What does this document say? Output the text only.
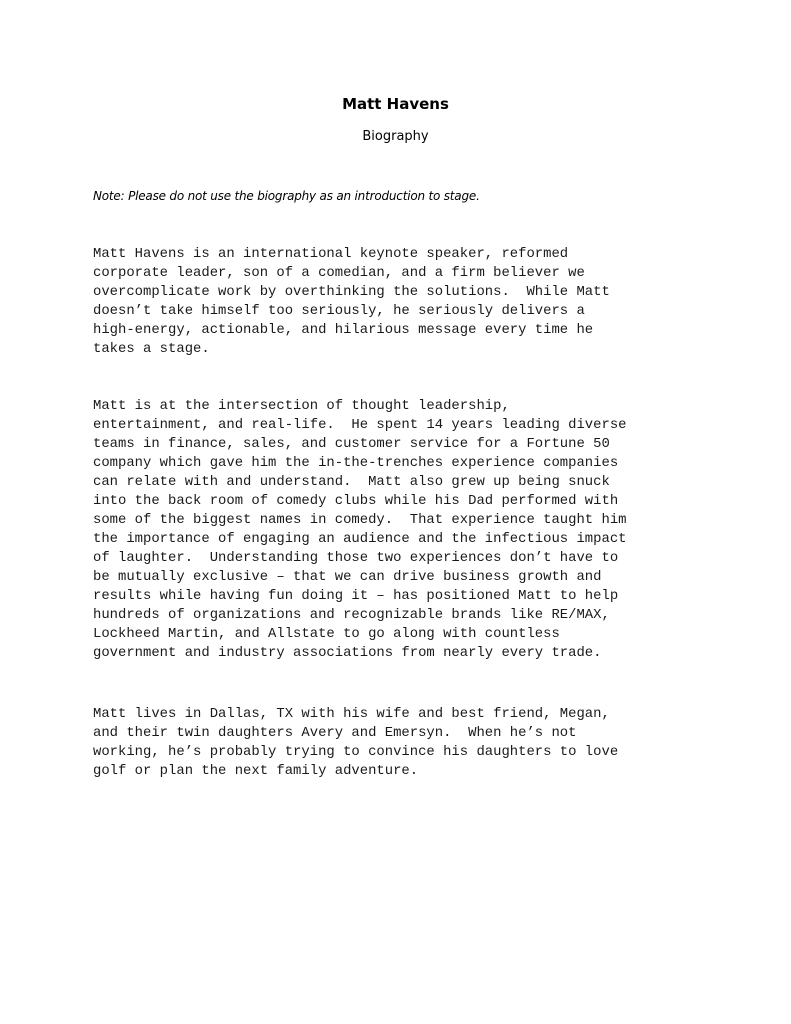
Matt Havens
Biography
Note: Please do not use the biography as an introduction to stage.

Matt Havens is an international keynote speaker, reformed
corporate leader, son of a comedian, and a firm believer we
overcomplicate work by overthinking the solutions.  While Matt
doesn’t take himself too seriously, he seriously delivers a
high-energy, actionable, and hilarious message every time he
takes a stage.

Matt is at the intersection of thought leadership,
entertainment, and real-life.  He spent 14 years leading diverse
teams in finance, sales, and customer service for a Fortune 50
company which gave him the in-the-trenches experience companies
can relate with and understand.  Matt also grew up being snuck
into the back room of comedy clubs while his Dad performed with
some of the biggest names in comedy.  That experience taught him
the importance of engaging an audience and the infectious impact
of laughter.  Understanding those two experiences don’t have to
be mutually exclusive – that we can drive business growth and
results while having fun doing it – has positioned Matt to help
hundreds of organizations and recognizable brands like RE/MAX,
Lockheed Martin, and Allstate to go along with countless
government and industry associations from nearly every trade.

Matt lives in Dallas, TX with his wife and best friend, Megan,
and their twin daughters Avery and Emersyn.  When he’s not
working, he’s probably trying to convince his daughters to love
golf or plan the next family adventure.
